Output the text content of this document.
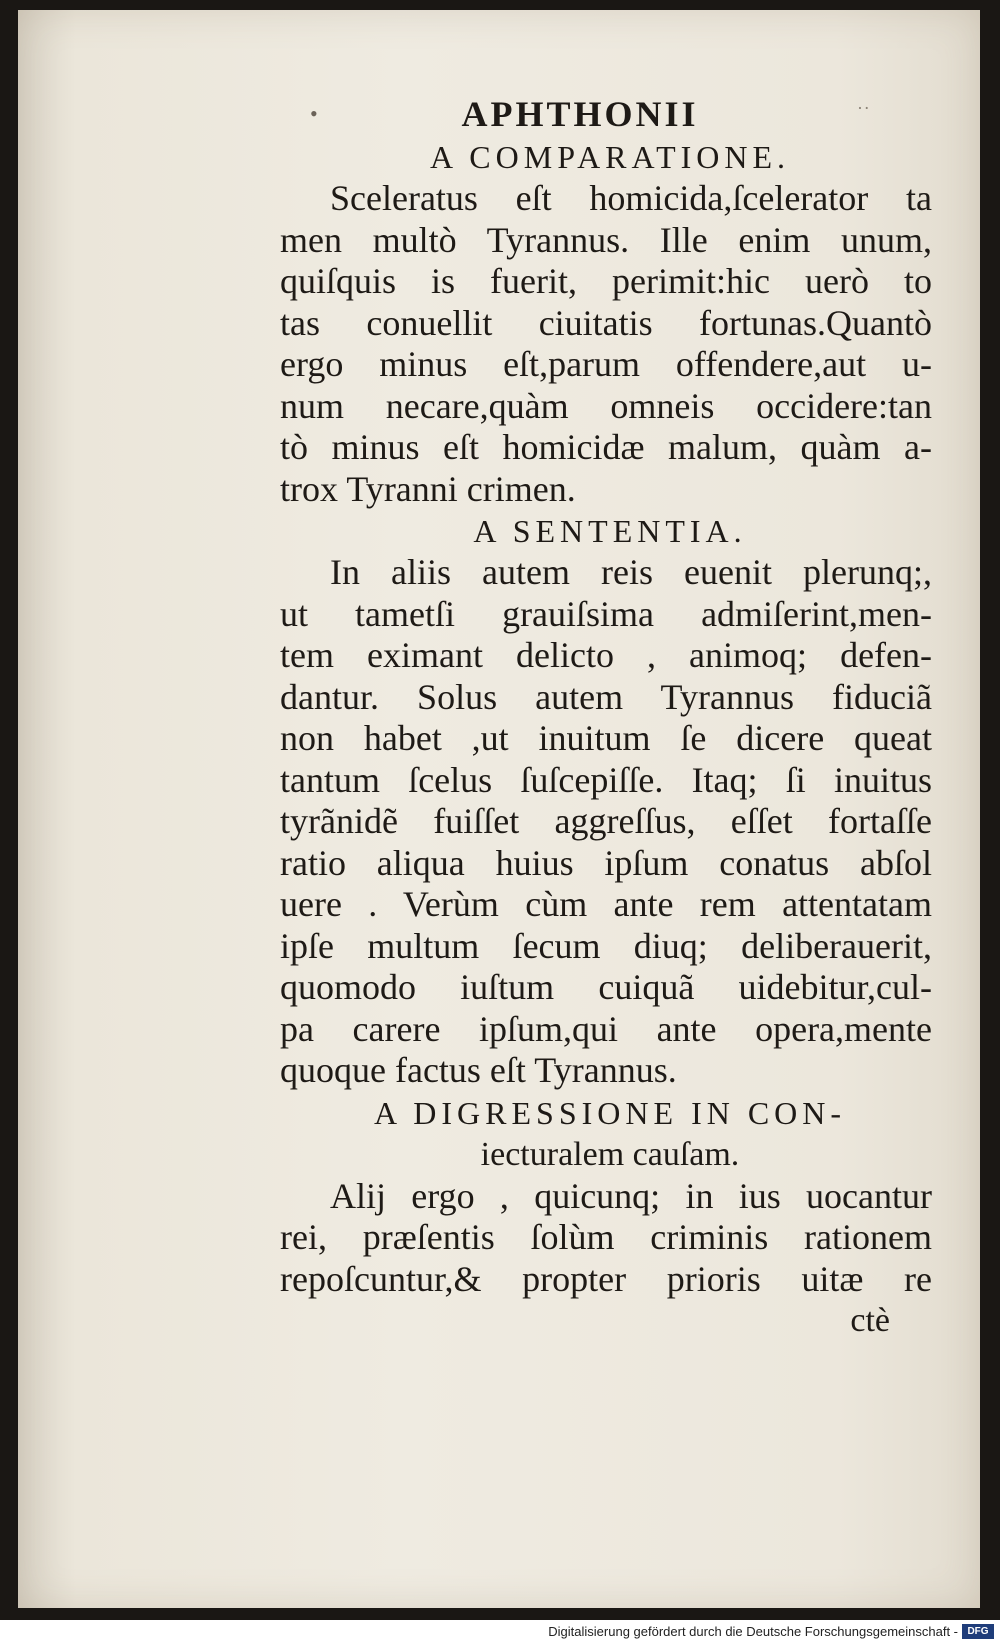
•	APHTHONII	˙˙
A COMPARATIONE.
Sceleratus eſt homicida,ſcelerator ta
men multò Tyrannus. Ille enim unum,
quiſquis is fuerit, perimit:hic uerò to
tas conuellit ciuitatis fortunas.Quantò
ergo minus eſt,parum offendere,aut u-
num necare,quàm omneis occidere:tan
tò minus eſt homicidæ malum, quàm a-
trox Tyranni crimen.
A SENTENTIA.
In aliis autem reis euenit plerunq;,
ut tametſi grauiſsima admiſerint,men-
tem eximant delicto , animoq; defen-
dantur. Solus autem Tyrannus fiduciã
non habet ,ut inuitum ſe dicere queat
tantum ſcelus ſuſcepiſſe. Itaq; ſi inuitus
tyrãnidẽ fuiſſet aggreſſus, eſſet fortaſſe
ratio aliqua huius ipſum conatus abſol
uere . Verùm cùm ante rem attentatam
ipſe multum ſecum diuq; deliberauerit,
quomodo iuſtum cuiquã uidebitur,cul-
pa carere ipſum,qui ante opera,mente
quoque factus eſt Tyrannus.
A DIGRESSIONE IN CON-
iecturalem cauſam.
Alij ergo , quicunq; in ius uocantur
rei, præſentis ſolùm criminis rationem
repoſcuntur,& propter prioris uitæ re
ctè
Digitalisierung gefördert durch die Deutsche Forschungsgemeinschaft - DFG
